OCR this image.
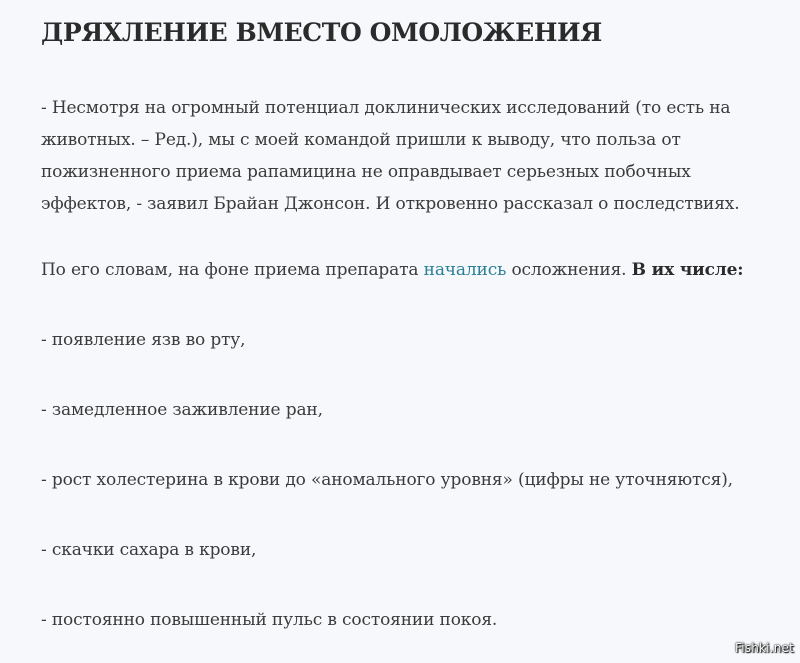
ДРЯХЛЕНИЕ ВМЕСТО ОМОЛОЖЕНИЯ

- Несмотря на огромный потенциал доклинических исследований (то есть на животных. – Ред.), мы с моей командой пришли к выводу, что польза от пожизненного приема рапамицина не оправдывает серьезных побочных эффектов, - заявил Брайан Джонсон. И откровенно рассказал о последствиях.

По его словам, на фоне приема препарата начались осложнения. В их числе:

- появление язв во рту,

- замедленное заживление ран,

- рост холестерина в крови до «аномального уровня» (цифры не уточняются),

- скачки сахара в крови,

- постоянно повышенный пульс в состоянии покоя.

Fishki.net
